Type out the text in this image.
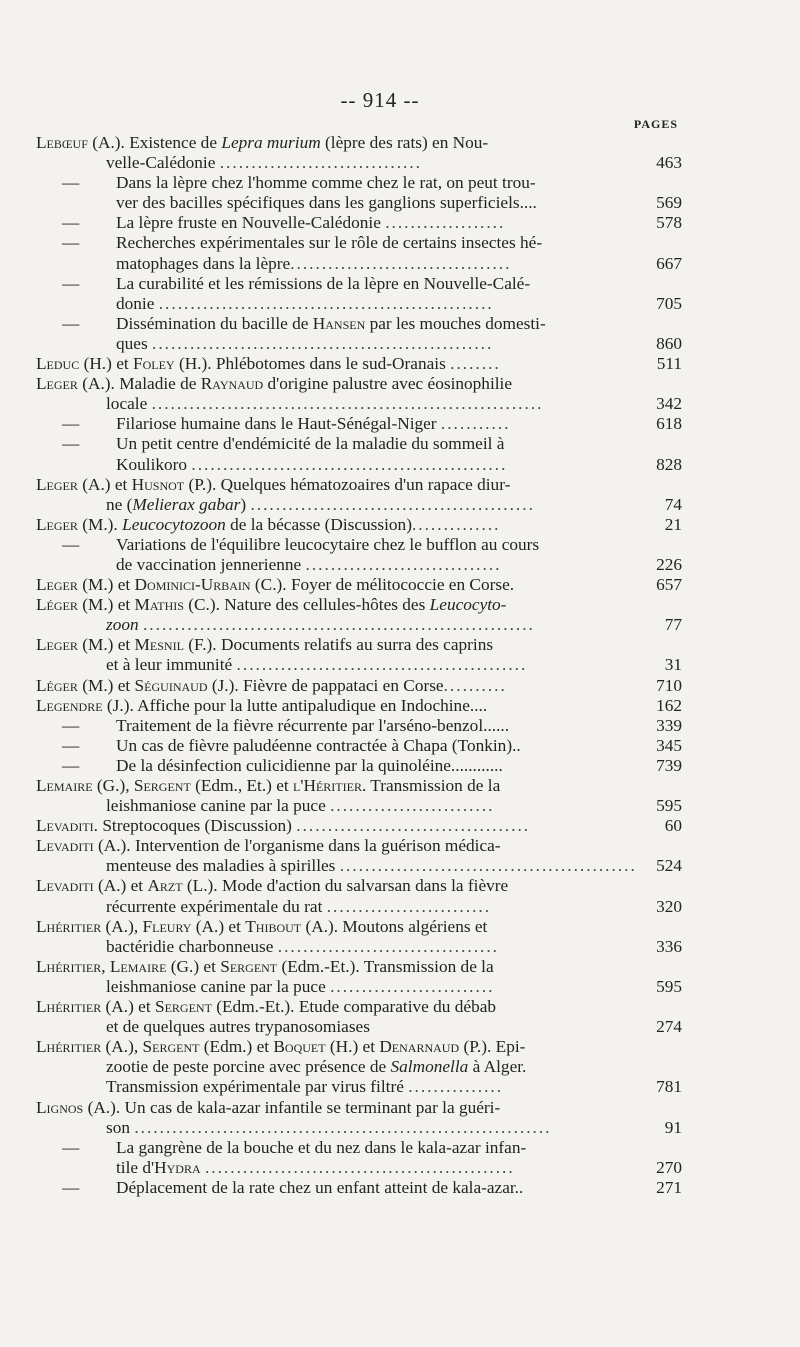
-- 914 --
PAGES
Lebœuf (A.). Existence de Lepra murium (lèpre des rats) en Nou-
velle-Calédonie ................................	463
— Dans la lèpre chez l'homme comme chez le rat, on peut trou-
ver des bacilles spécifiques dans les ganglions superficiels....	569
— La lèpre fruste en Nouvelle-Calédonie ...................	578
— Recherches expérimentales sur le rôle de certains insectes hé-
matophages dans la lèpre...................................	667
— La curabilité et les rémissions de la lèpre en Nouvelle-Calé-
donie .....................................................	705
— Dissémination du bacille de Hansen par les mouches domesti-
ques ......................................................	860
Leduc (H.) et Foley (H.). Phlébotomes dans le sud-Oranais ........	511
Leger (A.). Maladie de Raynaud d'origine palustre avec éosinophilie
locale ..............................................................	342
— Filariose humaine dans le Haut-Sénégal-Niger ...........	618
— Un petit centre d'endémicité de la maladie du sommeil à
Koulikoro ..................................................	828
Leger (A.) et Husnot (P.). Quelques hématozoaires d'un rapace diur-
ne (Melierax gabar) .............................................	74
Leger (M.). Leucocytozoon de la bécasse (Discussion)..............	21
— Variations de l'équilibre leucocytaire chez le bufflon au cours
de vaccination jennerienne ...............................	226
Leger (M.) et Dominici-Urbain (C.). Foyer de mélitococcie en Corse.	657
Léger (M.) et Mathis (C.). Nature des cellules-hôtes des Leucocyto-
zoon ..............................................................	77
Leger (M.) et Mesnil (F.). Documents relatifs au surra des caprins
et à leur immunité ..............................................	31
Léger (M.) et Séguinaud (J.). Fièvre de pappataci en Corse..........	710
Legendre (J.). Affiche pour la lutte antipaludique en Indochine....	162
— Traitement de la fièvre récurrente par l'arséno-benzol......	339
— Un cas de fièvre paludéenne contractée à Chapa (Tonkin)..	345
— De la désinfection culicidienne par la quinoléine............	739
Lemaire (G.), Sergent (Edm., Et.) et l'Héritier. Transmission de la
leishmaniose canine par la puce ..........................	595
Levaditi. Streptocoques (Discussion) .....................................	60
Levaditi (A.). Intervention de l'organisme dans la guérison médica-
menteuse des maladies à spirilles ............................................... 524
Levaditi (A.) et Arzt (L.). Mode d'action du salvarsan dans la fièvre
récurrente expérimentale du rat ..........................	320
Lhéritier (A.), Fleury (A.) et Thibout (A.). Moutons algériens et
bactéridie charbonneuse ...................................	336
Lhéritier, Lemaire (G.) et Sergent (Edm.-Et.). Transmission de la
leishmaniose canine par la puce ..........................	595
Lhéritier (A.) et Sergent (Edm.-Et.). Etude comparative du débab
et de quelques autres trypanosomiases	274
Lhéritier (A.), Sergent (Edm.) et Boquet (H.) et Denarnaud (P.). Epi-
zootie de peste porcine avec présence de Salmonella à Alger.
Transmission expérimentale par virus filtré ...............	781
Lignos (A.). Un cas de kala-azar infantile se terminant par la guéri-
son ..................................................................	91
— La gangrène de la bouche et du nez dans le kala-azar infan-
tile d'Hydra .................................................	270
— Déplacement de la rate chez un enfant atteint de kala-azar..	271
